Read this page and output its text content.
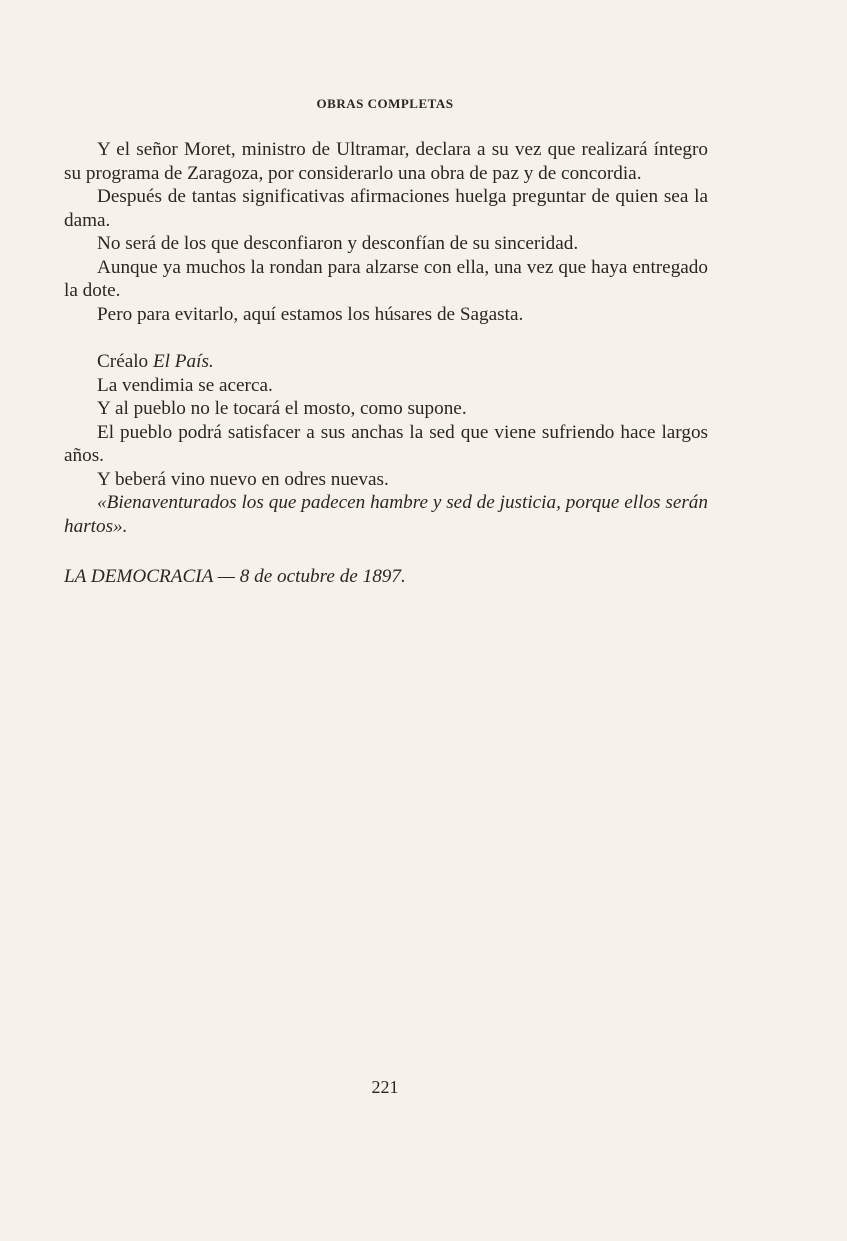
OBRAS COMPLETAS

Y el señor Moret, ministro de Ultramar, declara a su vez que realizará íntegro su programa de Zaragoza, por considerarlo una obra de paz y de concordia.

Después de tantas significativas afirmaciones huelga preguntar de quien sea la dama.

No será de los que desconfiaron y desconfían de su sinceridad.

Aunque ya muchos la rondan para alzarse con ella, una vez que haya entregado la dote.

Pero para evitarlo, aquí estamos los húsares de Sagasta.

Créalo El País.

La vendimia se acerca.

Y al pueblo no le tocará el mosto, como supone.

El pueblo podrá satisfacer a sus anchas la sed que viene sufriendo hace largos años.

Y beberá vino nuevo en odres nuevas.

«Bienaventurados los que padecen hambre y sed de justicia, porque ellos serán hartos».

LA DEMOCRACIA — 8 de octubre de 1897.

221
